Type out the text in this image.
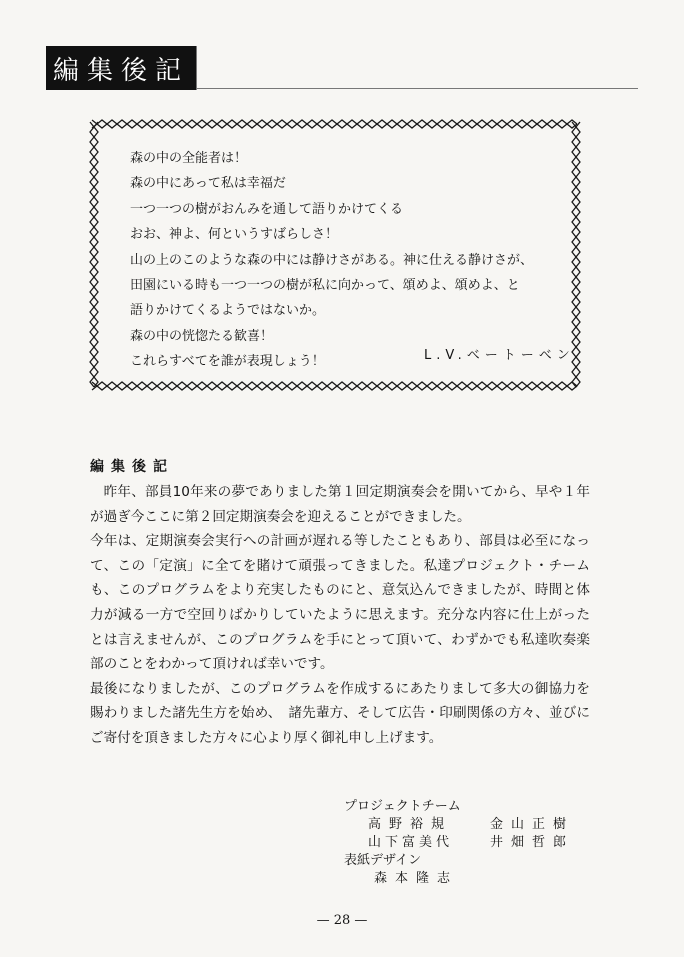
編集後記
森の中の全能者は！
森の中にあって私は幸福だ
一つ一つの樹がおんみを通して語りかけてくる
おお、神よ、何というすばらしさ！
山の上のこのような森の中には静けさがある。神に仕える静けさが、
田園にいる時も一つ一つの樹が私に向かって、頌めよ、頌めよ、と
語りかけてくるようではないか。
森の中の恍惚たる歓喜！
これらすべてを誰が表現しょう！	L.V.ベートーベン
編集後記

昨年、部員10年来の夢でありました第１回定期演奏会を開いてから、早や１年が過ぎ今ここに第２回定期演奏会を迎えることができました。

今年は、定期演奏会実行への計画が遅れる等したこともあり、部員は必至になって、この「定演」に全てを賭けて頑張ってきました。私達プロジェクト・チームも、このプログラムをより充実したものにと、意気込んできましたが、時間と体力が減る一方で空回りばかりしていたように思えます。充分な内容に仕上がったとは言えませんが、このプログラムを手にとって頂いて、わずかでも私達吹奏楽部のことをわかって頂ければ幸いです。

最後になりましたが、このプログラムを作成するにあたりまして多大の御協力を賜わりました諸先生方を始め、　諸先輩方、そして広告・印刷関係の方々、並びにご寄付を頂きました方々に心より厚く御礼申し上げます。

プロジェクトチーム
高野裕規	金山正樹
山下富美代	井畑哲郎
表紙デザイン
森本隆志
— 28 —
